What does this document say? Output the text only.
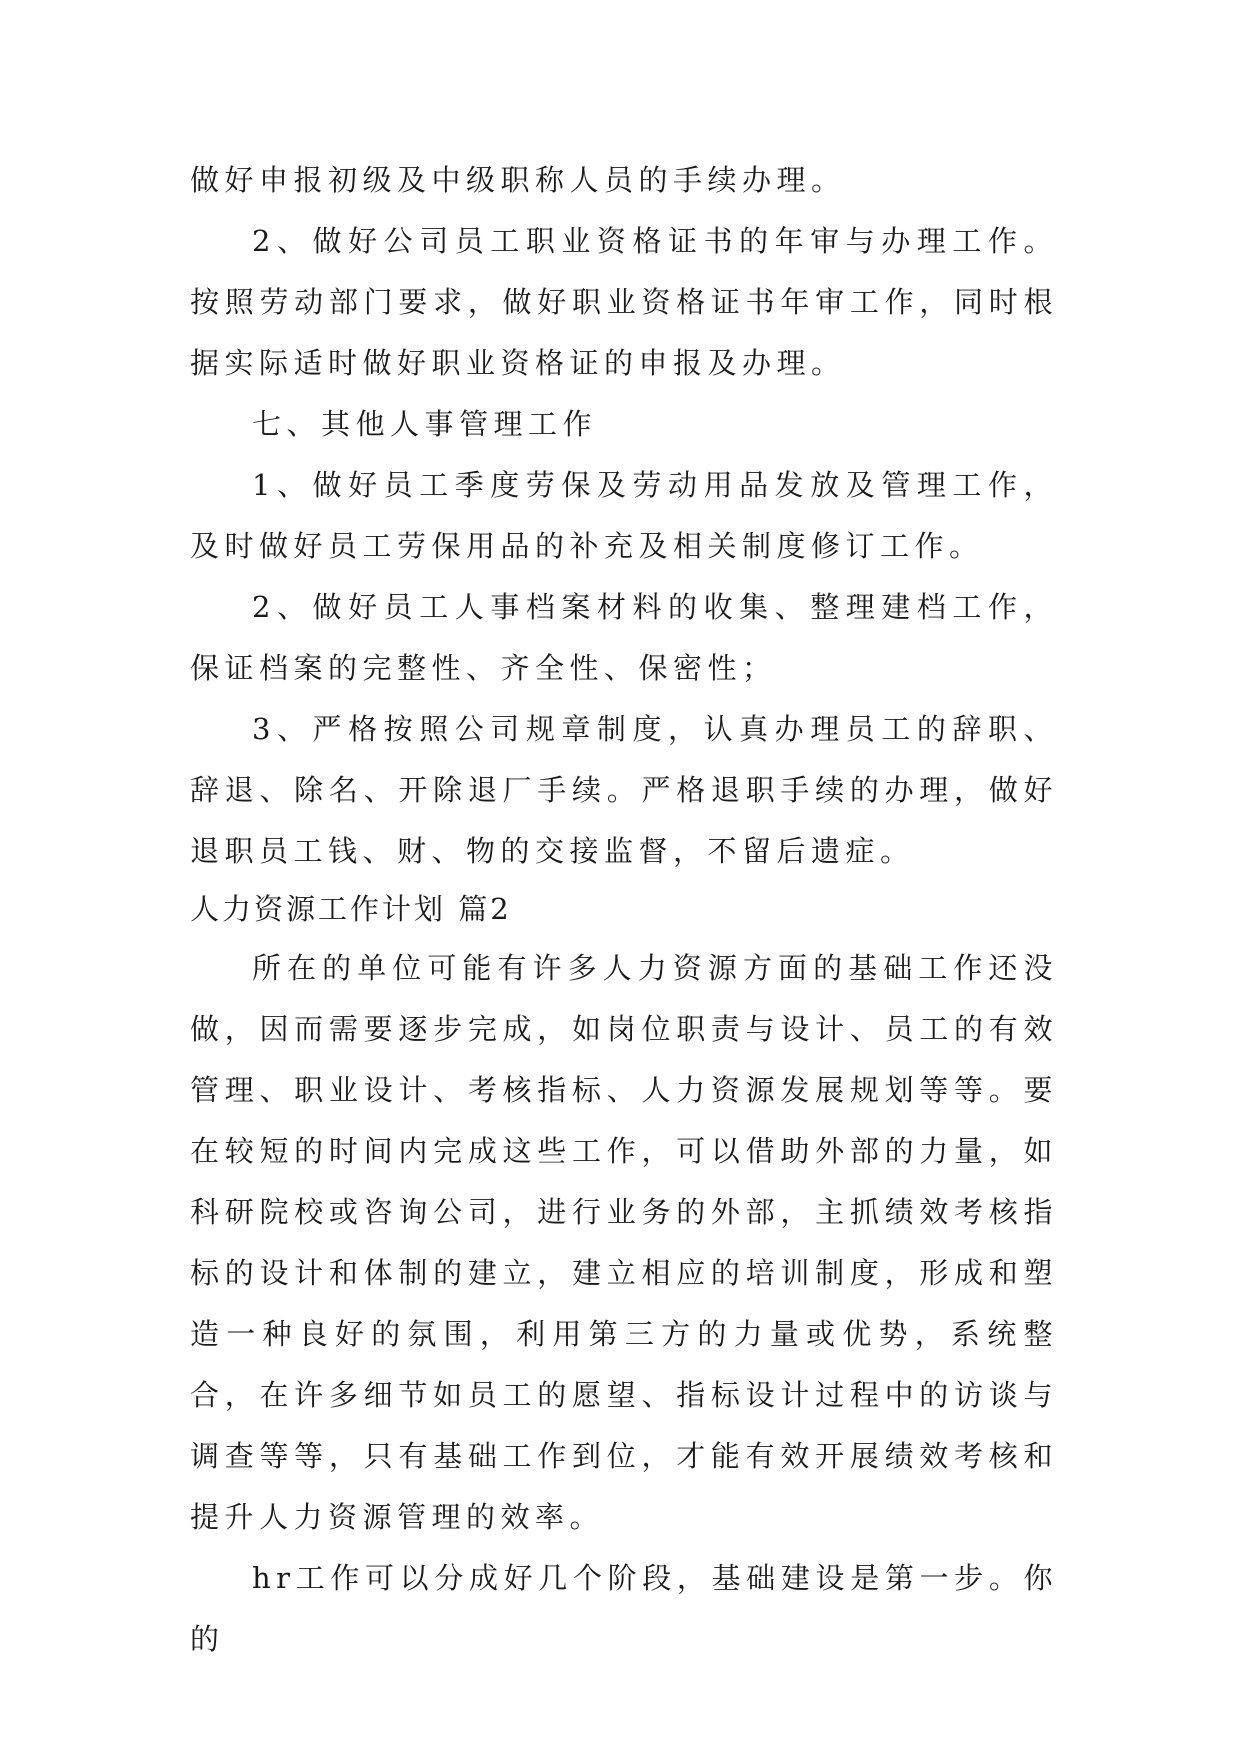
做好申报初级及中级职称人员的手续办理。

2、做好公司员工职业资格证书的年审与办理工作。按照劳动部门要求，做好职业资格证书年审工作，同时根据实际适时做好职业资格证的申报及办理。

七、其他人事管理工作

1、做好员工季度劳保及劳动用品发放及管理工作，及时做好员工劳保用品的补充及相关制度修订工作。

2、做好员工人事档案材料的收集、整理建档工作，保证档案的完整性、齐全性、保密性；

3、严格按照公司规章制度，认真办理员工的辞职、辞退、除名、开除退厂手续。严格退职手续的办理，做好退职员工钱、财、物的交接监督，不留后遗症。

人力资源工作计划 篇2

所在的单位可能有许多人力资源方面的基础工作还没做，因而需要逐步完成，如岗位职责与设计、员工的有效管理、职业设计、考核指标、人力资源发展规划等等。要在较短的时间内完成这些工作，可以借助外部的力量，如科研院校或咨询公司，进行业务的外部，主抓绩效考核指标的设计和体制的建立，建立相应的培训制度，形成和塑造一种良好的氛围，利用第三方的力量或优势，系统整合，在许多细节如员工的愿望、指标设计过程中的访谈与调查等等，只有基础工作到位，才能有效开展绩效考核和提升人力资源管理的效率。

hr工作可以分成好几个阶段，基础建设是第一步。你的
